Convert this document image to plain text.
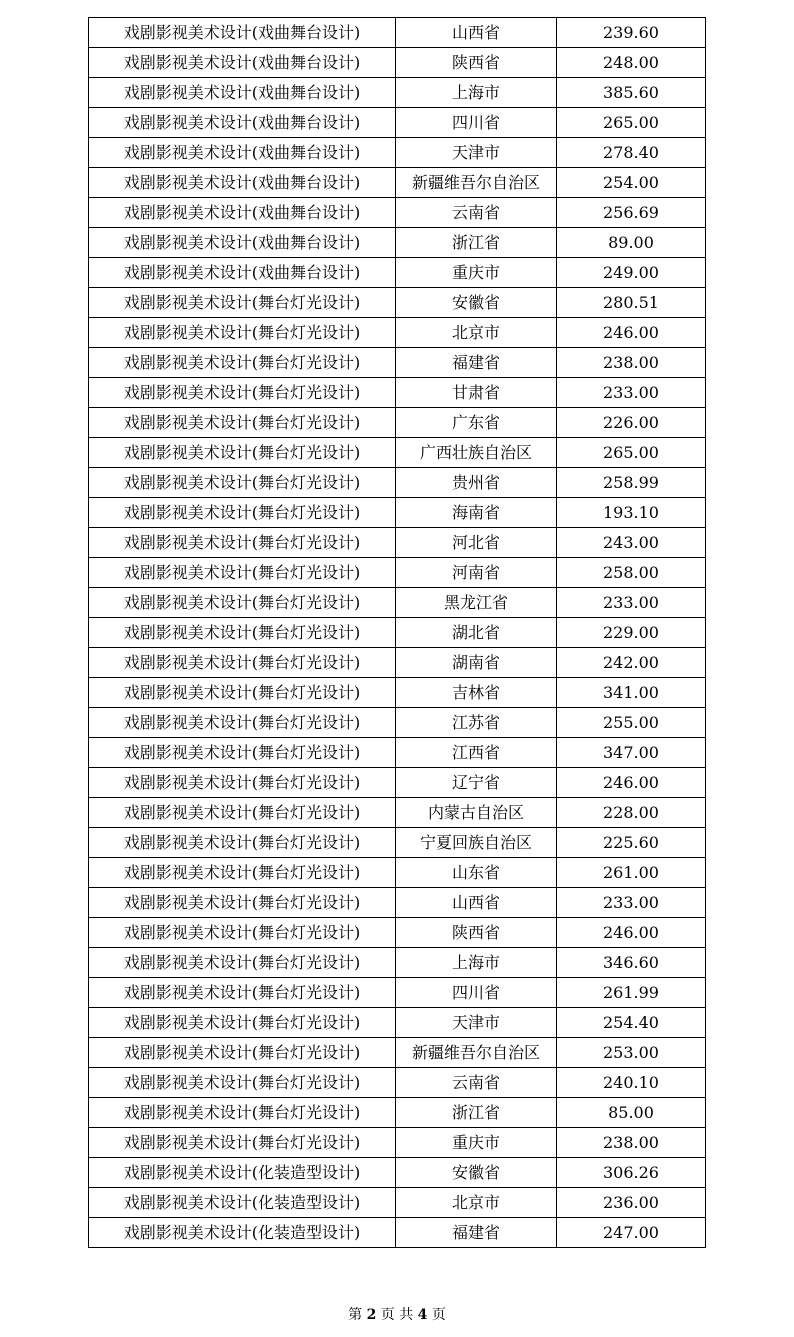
戏剧影视美术设计(戏曲舞台设计)	山西省	239.60
戏剧影视美术设计(戏曲舞台设计)	陕西省	248.00
戏剧影视美术设计(戏曲舞台设计)	上海市	385.60
戏剧影视美术设计(戏曲舞台设计)	四川省	265.00
戏剧影视美术设计(戏曲舞台设计)	天津市	278.40
戏剧影视美术设计(戏曲舞台设计)	新疆维吾尔自治区	254.00
戏剧影视美术设计(戏曲舞台设计)	云南省	256.69
戏剧影视美术设计(戏曲舞台设计)	浙江省	89.00
戏剧影视美术设计(戏曲舞台设计)	重庆市	249.00
戏剧影视美术设计(舞台灯光设计)	安徽省	280.51
戏剧影视美术设计(舞台灯光设计)	北京市	246.00
戏剧影视美术设计(舞台灯光设计)	福建省	238.00
戏剧影视美术设计(舞台灯光设计)	甘肃省	233.00
戏剧影视美术设计(舞台灯光设计)	广东省	226.00
戏剧影视美术设计(舞台灯光设计)	广西壮族自治区	265.00
戏剧影视美术设计(舞台灯光设计)	贵州省	258.99
戏剧影视美术设计(舞台灯光设计)	海南省	193.10
戏剧影视美术设计(舞台灯光设计)	河北省	243.00
戏剧影视美术设计(舞台灯光设计)	河南省	258.00
戏剧影视美术设计(舞台灯光设计)	黑龙江省	233.00
戏剧影视美术设计(舞台灯光设计)	湖北省	229.00
戏剧影视美术设计(舞台灯光设计)	湖南省	242.00
戏剧影视美术设计(舞台灯光设计)	吉林省	341.00
戏剧影视美术设计(舞台灯光设计)	江苏省	255.00
戏剧影视美术设计(舞台灯光设计)	江西省	347.00
戏剧影视美术设计(舞台灯光设计)	辽宁省	246.00
戏剧影视美术设计(舞台灯光设计)	内蒙古自治区	228.00
戏剧影视美术设计(舞台灯光设计)	宁夏回族自治区	225.60
戏剧影视美术设计(舞台灯光设计)	山东省	261.00
戏剧影视美术设计(舞台灯光设计)	山西省	233.00
戏剧影视美术设计(舞台灯光设计)	陕西省	246.00
戏剧影视美术设计(舞台灯光设计)	上海市	346.60
戏剧影视美术设计(舞台灯光设计)	四川省	261.99
戏剧影视美术设计(舞台灯光设计)	天津市	254.40
戏剧影视美术设计(舞台灯光设计)	新疆维吾尔自治区	253.00
戏剧影视美术设计(舞台灯光设计)	云南省	240.10
戏剧影视美术设计(舞台灯光设计)	浙江省	85.00
戏剧影视美术设计(舞台灯光设计)	重庆市	238.00
戏剧影视美术设计(化装造型设计)	安徽省	306.26
戏剧影视美术设计(化装造型设计)	北京市	236.00
戏剧影视美术设计(化装造型设计)	福建省	247.00
第 2 页 共 4 页
